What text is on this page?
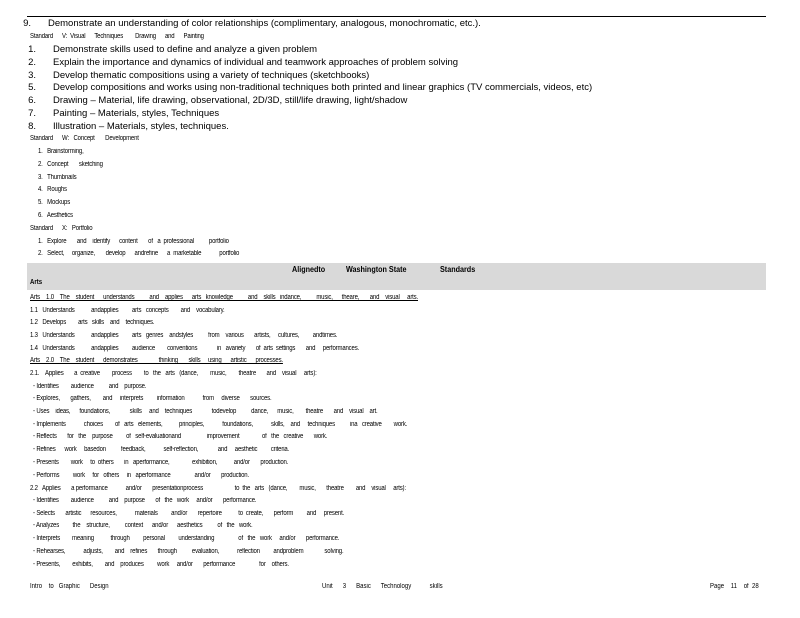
9. Demonstrate an understanding of color relationships (complimentary, analogous, monochromatic, etc.).
Standard      V:  Visual      Techniques        Drawing      and      Painting
1. Demonstrate skills used to define and analyze a given problem
2. Explain the importance and dynamics of individual and teamwork approaches of problem solving
3. Develop thematic compositions using a variety of techniques (sketchbooks)
5. Develop compositions and works using non-traditional techniques both printed and linear graphics (TV commercials, videos, etc)
6. Drawing – Material, life drawing, observational, 2D/3D, still/life drawing, light/shadow
7. Painting – Materials, styles, Techniques
8. Illustration – Materials, styles, techniques.
Standard      W:   Concept       Development
1.   Brainstorming,
2.   Concept       sketching
3.   Thumbnails
4.   Roughs
5.   Mockups
6.   Aesthetics
Standard      X:   Portfolio
1.   Explore       and    identify      content       of   a  professional          portfolio
2.   Select,     organize,       develop      andrefine      a  marketable            portfolio
Alignedto	Washington State	Standards
Arts
Arts    1.0    The    student      understands          and    applies      arts   knowledge          and    skills   indance,          music,      theare,       and    visual     arts.
1.1   Understands           andapplies         arts   concepts        and    vocabulary.
1.2   Develops        arts   skills    and    techniques.
1.3   Understands           andapplies         arts   genres    andstyles          from    various       artists,     cultures,         andtimes.
1.4   Understands           andapplies         audience        conventions             in   avariety       of  arts  settings       and     performances.
Arts    2.0    The    student      demonstrates              thinking       skills     using      artistic      processes.
2.1.    Applies       a  creative        process        to   the   arts   (dance,        music,        theatre       and    visual     arts):
- Identifies        audience          and    purpose.
- Explores,       gathers,        and     interprets         information            from     diverse       sources.
- Uses    ideas,      foundations,             skills     and    techniques             todevelop          dance,      music,        theatre       and    visual    art.
- Implements            choices        of   arts   elements,           principles,            foundations,            skills,    and     techniques          ina   creative        work.
- Reflects       for   the    purpose         of   self-evaluationand                 improvement               of   the   creative       work.
- Refines      work     basedon          feedback,            self-reflection,             and     aesthetic         criteria.
- Presents        work     to  others       in   aperformance,               exhibition,           and/or       production.
- Performs         work     for   others     in   aperformance                and/or       production.
2.2   Applies       a performance            and/or       presentationprocess                     to  the   arts   (dance,        music,       theatre        and    visual     arts):
- Identifies        audience          and    purpose       of   the   work     and/or       performance.
- Selects       artistic      resources,            materials         and/or       repertoire           to  create,       perform         and     present.
- Analyzes         the    structure,          context      and/or      aesthetics          of   the   work.
- Interprets        meaning           through         personal         understanding                of   the   work     and/or       performance.
- Rehearses,            adjusts,        and    refines       through          evaluation,            reflection         andproblem              solving.
- Presents,        exhibits,        and    produces         work     and/or       performance                for    others.
Intro    to   Graphic      Design	Unit      3      Basic      Technology           skills	Page    11    of  28
